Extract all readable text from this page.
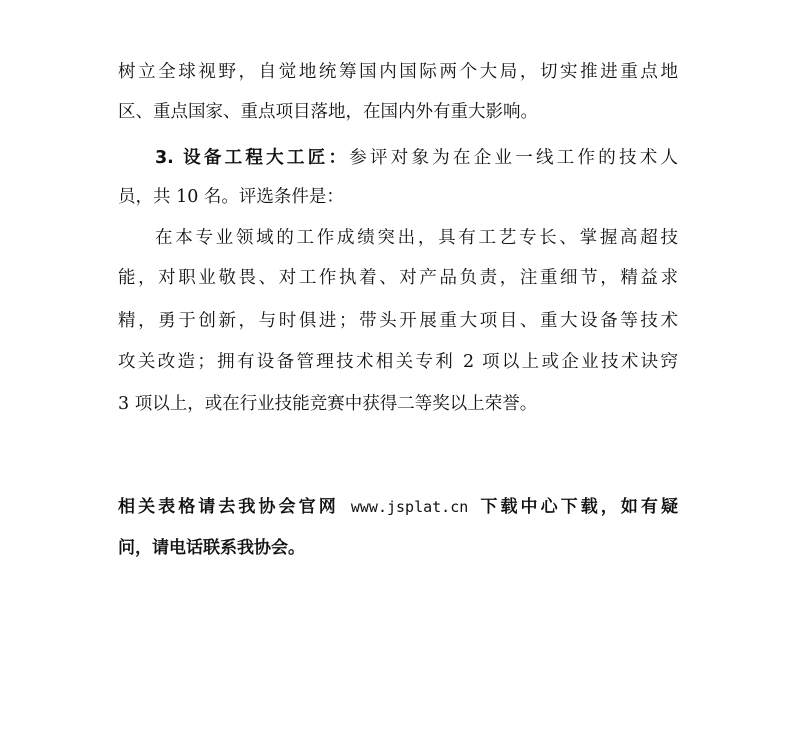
树立全球视野，自觉地统筹国内国际两个大局，切实推进重点地
区、重点国家、重点项目落地，在国内外有重大影响。
3. 设备工程大工匠：参评对象为在企业一线工作的技术人
员，共 10 名。评选条件是：
在本专业领域的工作成绩突出，具有工艺专长、掌握高超技
能，对职业敬畏、对工作执着、对产品负责，注重细节，精益求
精，勇于创新，与时俱进；带头开展重大项目、重大设备等技术
攻关改造；拥有设备管理技术相关专利 2 项以上或企业技术诀窍
3 项以上，或在行业技能竞赛中获得二等奖以上荣誉。
相关表格请去我协会官网 www.jsplat.cn 下载中心下载，如有疑
问，请电话联系我协会。
